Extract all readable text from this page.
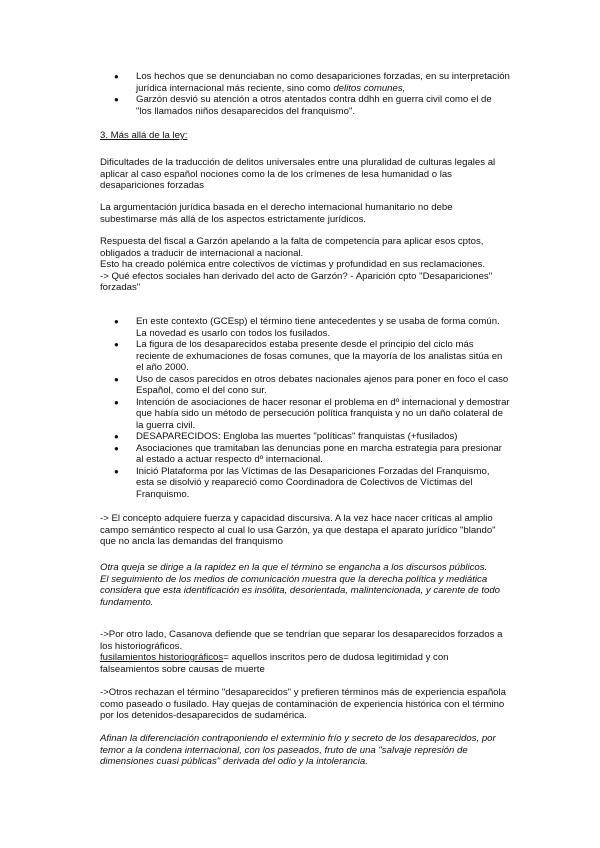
● Los hechos que se denunciaban no como desapariciones forzadas, en su interpretación jurídica internacional más reciente, sino como delitos comunes,
● Garzón desvió su atención a otros atentados contra ddhh en guerra civil como el de "los llamados niños desaparecidos del franquismo".

3. Más allá de la ley:

Dificultades de la traducción de delitos universales entre una pluralidad de culturas legales al aplicar al caso español nociones como la de los crímenes de lesa humanidad o las desapariciones forzadas

La argumentación jurídica basada en el derecho internacional humanitario no debe subestimarse más allá de los aspectos estrictamente jurídicos.

Respuesta del fiscal a Garzón apelando a la falta de competencia para aplicar esos cptos, obligados a traducir de internacional a nacional.

Esto ha creado polémica entre colectivos de víctimas y profundidad en sus reclamaciones.

-> Qué efectos sociales han derivado del acto de Garzón? - Aparición cpto "Desapariciones" forzadas"

● En este contexto (GCEsp) el término tiene antecedentes y se usaba de forma común. La novedad es usarlo con todos los fusilados.
● La figura de los desaparecidos estaba presente desde el principio del ciclo más reciente de exhumaciones de fosas comunes, que la mayoría de los analistas sitúa en el año 2000.
● Uso de casos parecidos en otros debates nacionales ajenos para poner en foco el caso Español, como el del cono sur.
● Intención de asociaciones de hacer resonar el problema en dº internacional y demostrar que había sido un método de persecución política franquista y no un daño colateral de la guerra civil.
● DESAPARECIDOS: Engloba las muertes "políticas" franquistas (+fusilados)
● Asociaciones que tramitaban las denuncias pone en marcha estrategia para presionar al estado a actuar respecto dº internacional.
● Inició Plataforma por las Víctimas de las Desapariciones Forzadas del Franquismo, esta se disolvió y reapareció como Coordinadora de Colectivos de Víctimas del Franquismo.

-> El concepto adquiere fuerza y capacidad discursiva. A la vez hace nacer críticas al amplio campo semántico respecto al cual lo usa Garzón, ya que destapa el aparato jurídico "blando" que no ancla las demandas del franquismo

Otra queja se dirige a la rapidez en la que el término se engancha a los discursos públicos.
El seguimiento de los medios de comunicación muestra que la derecha política y mediática considera que esta identificación es insólita, desorientada, malintencionada, y carente de todo fundamento.

->Por otro lado, Casanova defiende que se tendrían que separar los desaparecidos forzados a los historiográficos.

fusilamientos historiográficos= aquellos inscritos pero de dudosa legitimidad y con falseamientos sobre causas de muerte

->Otros rechazan el término "desaparecidos" y prefieren términos más de experiencia española como paseado o fusilado. Hay quejas de contaminación de experiencia histórica con el término por los detenidos-desaparecidos de sudamérica.

Afinan la diferenciación contraponiendo el exterminio frío y secreto de los desaparecidos, por temor a la condena internacional, con los paseados, fruto de una "salvaje represión de dimensiones cuasi públicas" derivada del odio y la intolerancia.
